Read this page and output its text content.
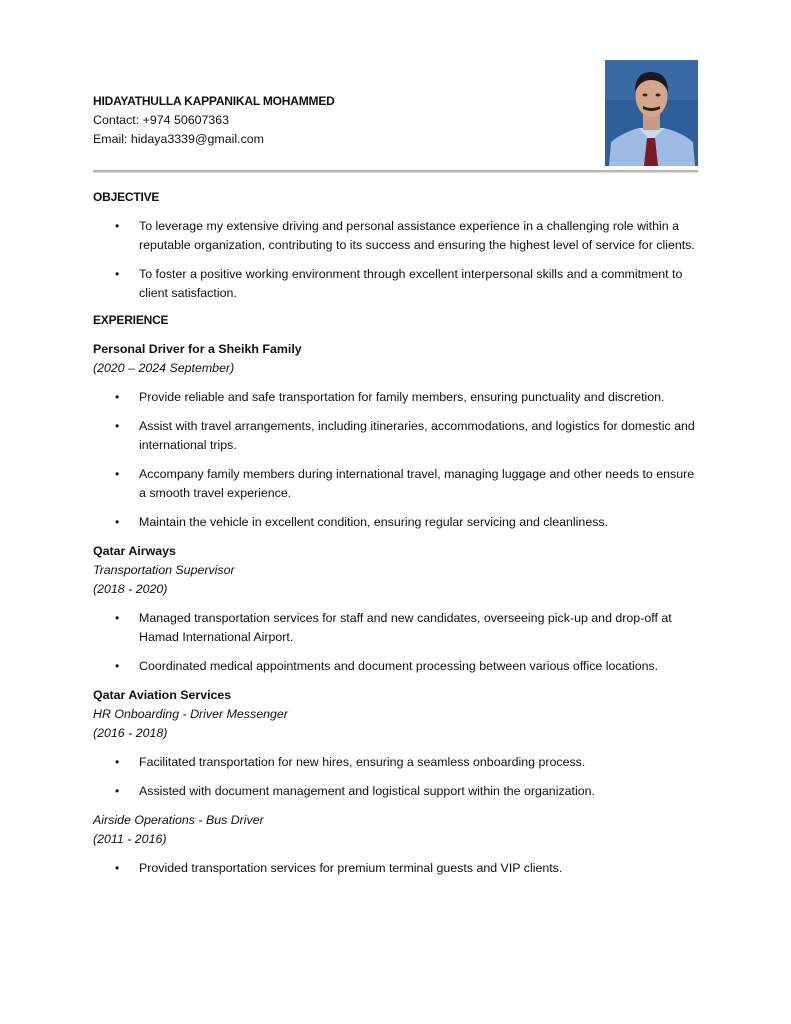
HIDAYATHULLA KAPPANIKAL MOHAMMED
Contact: +974 50607363
Email: hidaya3339@gmail.com
OBJECTIVE
• To leverage my extensive driving and personal assistance experience in a challenging role within a reputable organization, contributing to its success and ensuring the highest level of service for clients.
• To foster a positive working environment through excellent interpersonal skills and a commitment to client satisfaction.
EXPERIENCE
Personal Driver for a Sheikh Family
(2020 – 2024 September)
• Provide reliable and safe transportation for family members, ensuring punctuality and discretion.
• Assist with travel arrangements, including itineraries, accommodations, and logistics for domestic and international trips.
• Accompany family members during international travel, managing luggage and other needs to ensure a smooth travel experience.
• Maintain the vehicle in excellent condition, ensuring regular servicing and cleanliness.
Qatar Airways
Transportation Supervisor
(2018 - 2020)
• Managed transportation services for staff and new candidates, overseeing pick-up and drop-off at Hamad International Airport.
• Coordinated medical appointments and document processing between various office locations.
Qatar Aviation Services
HR Onboarding - Driver Messenger
(2016 - 2018)
• Facilitated transportation for new hires, ensuring a seamless onboarding process.
• Assisted with document management and logistical support within the organization.
Airside Operations - Bus Driver
(2011 - 2016)
• Provided transportation services for premium terminal guests and VIP clients.
